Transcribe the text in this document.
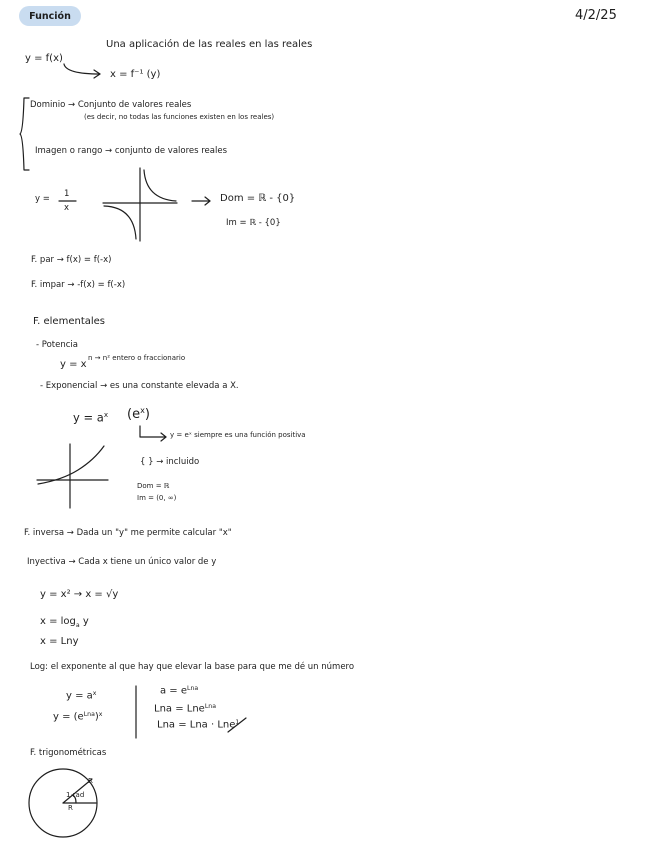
Función	4/2/25
Una aplicación de las reales en las reales
y = f(x)
x = f⁻¹ (y)
Dominio → Conjunto de valores reales
(es decir, no todas las funciones existen en los reales)
Imagen o rango → conjunto de valores reales
y = 1
x
Dom = ℝ - {0}
Im = ℝ - {0}
F. par → f(x) = f(-x)
F. impar → -f(x) = f(-x)
F. elementales
- Potencia
y = x
n → n² entero o fraccionario
- Exponencial → es una constante elevada a X.
$y = a^x$ $(e^x)$
y = eˣ siempre es una función positiva
{ } → incluido
Dom = ℝ
Im = (0, ∞)
F. inversa → Dada un "y" me permite calcular "x"
Inyectiva → Cada x tiene un único valor de y
y = x² → x = √y
$x = \log_a y$
x = Lny
Log: el exponente al que hay que elevar la base para que me dé un número
$y = a^x$
$y = (e^{Lna})^x$
$a = e^{Lna}$
Lna = Lne$^{Lna}$
Lna = Lna · Lne$^1$
F. trigonométricas
1 rad
R
R
